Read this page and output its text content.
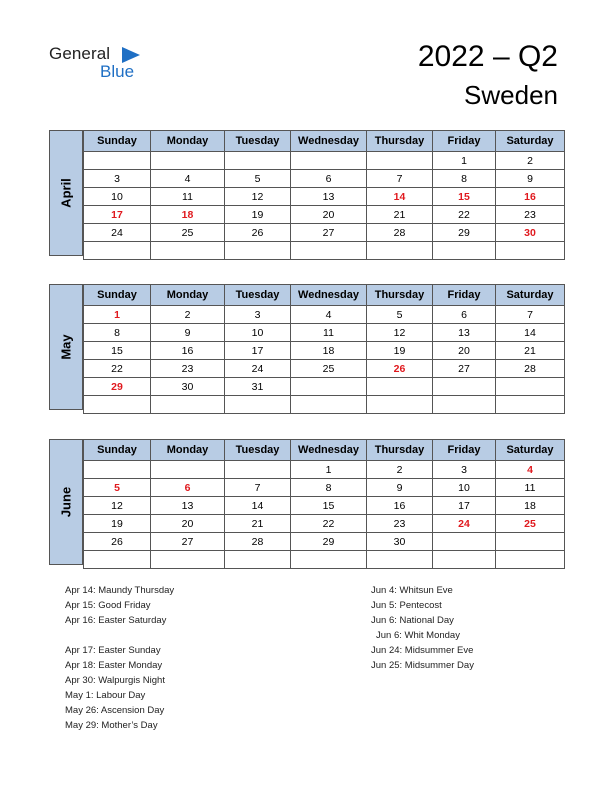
General
Blue	2022 – Q2
Sweden
April
Sunday	Monday	Tuesday	Wednesday	Thursday	Friday	Saturday
					1	2
3	4	5	6	7	8	9
10	11	12	13	14	15	16
17	18	19	20	21	22	23
24	25	26	27	28	29	30

May
Sunday	Monday	Tuesday	Wednesday	Thursday	Friday	Saturday
1	2	3	4	5	6	7
8	9	10	11	12	13	14
15	16	17	18	19	20	21
22	23	24	25	26	27	28
29	30	31				

June
Sunday	Monday	Tuesday	Wednesday	Thursday	Friday	Saturday
			1	2	3	4
5	6	7	8	9	10	11
12	13	14	15	16	17	18
19	20	21	22	23	24	25
26	27	28	29	30		

Apr 14: Maundy Thursday
Apr 15: Good Friday
Apr 16: Easter Saturday

Apr 17: Easter Sunday
Apr 18: Easter Monday
Apr 30: Walpurgis Night
May 1: Labour Day
May 26: Ascension Day
May 29: Mother’s Day
Jun 4: Whitsun Eve
Jun 5: Pentecost
Jun 6: National Day
Jun 6: Whit Monday
Jun 24: Midsummer Eve
Jun 25: Midsummer Day
